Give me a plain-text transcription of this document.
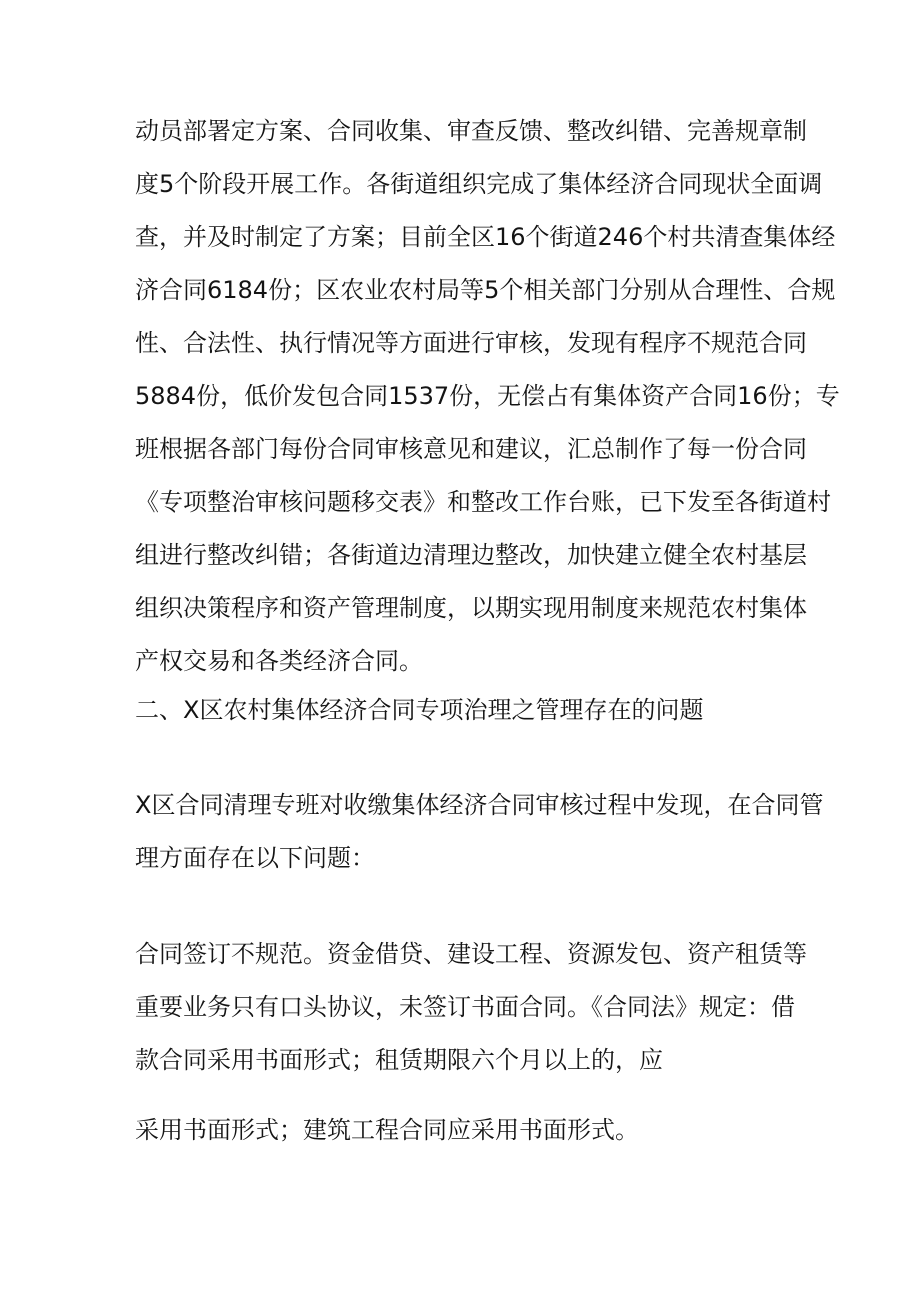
动员部署定方案、合同收集、审查反馈、整改纠错、完善规章制
度5个阶段开展工作。各街道组织完成了集体经济合同现状全面调
查，并及时制定了方案；目前全区16个街道246个村共清查集体经
济合同6184份；区农业农村局等5个相关部门分别从合理性、合规
性、合法性、执行情况等方面进行审核，发现有程序不规范合同
5884份，低价发包合同1537份，无偿占有集体资产合同16份；专
班根据各部门每份合同审核意见和建议，汇总制作了每一份合同
《专项整治审核问题移交表》和整改工作台账，已下发至各街道村
组进行整改纠错；各街道边清理边整改，加快建立健全农村基层
组织决策程序和资产管理制度，以期实现用制度来规范农村集体
产权交易和各类经济合同。
二、X区农村集体经济合同专项治理之管理存在的问题
X区合同清理专班对收缴集体经济合同审核过程中发现，在合同管
理方面存在以下问题：
合同签订不规范。资金借贷、建设工程、资源发包、资产租赁等
重要业务只有口头协议，未签订书面合同。《合同法》规定：借
款合同采用书面形式；租赁期限六个月以上的，应
采用书面形式；建筑工程合同应采用书面形式。
